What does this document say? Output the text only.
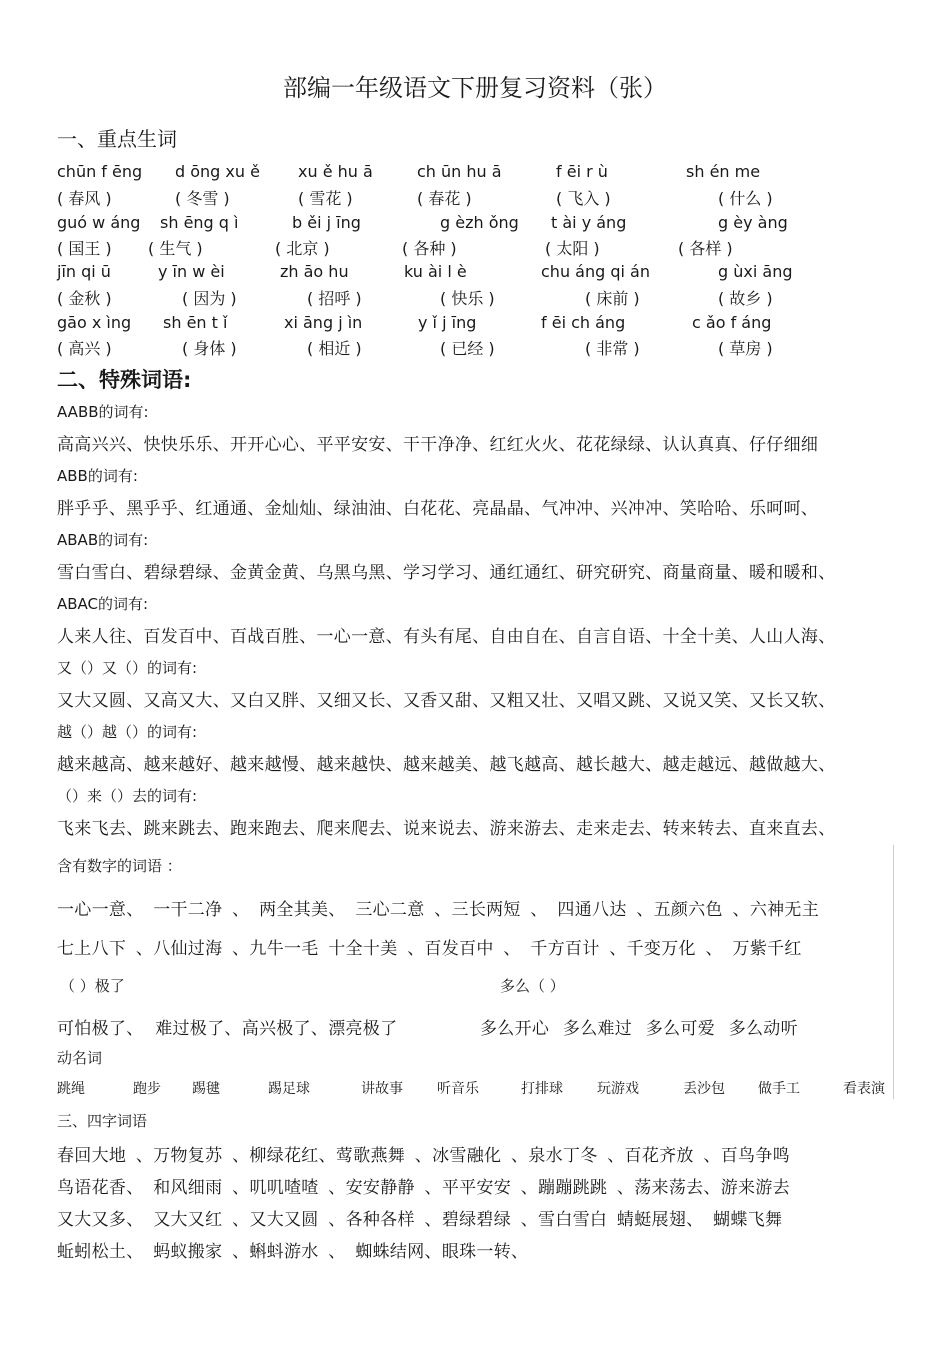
部编一年级语文下册复习资料（张）
一、重点生词
chūn f ēng d ōng xu ě xu ě hu ā	ch ūn hu ā	f ēi r ù	sh én me
( 春风 )	( 冬雪 )	( 雪花 )	( 春花 )	( 飞入 )	( 什么 )
guó w áng sh ēng q ì	b ěi j īng	g èzh ǒng t ài y áng	g èy àng
( 国王 ) ( 生气 )	( 北京 )	( 各种 )	( 太阳 )	( 各样 )
jīn qi ū	y īn w èi	zh āo hu	ku ài l è	chu áng qi án	g ùxi āng
( 金秋 )	( 因为 )	( 招呼 )	( 快乐 )	( 床前 )	( 故乡 )
gāo x ìng sh ēn t ǐ	xi āng j ìn	y ǐ j īng	f ēi ch áng	c ǎo f áng
( 高兴 )	( 身体 )	( 相近 )	( 已经 )	( 非常 )	( 草房 )
二、特殊词语:
AABB的词有:
高高兴兴、快快乐乐、开开心心、平平安安、干干净净、红红火火、花花绿绿、认认真真、仔仔细细
ABB的词有:
胖乎乎、黑乎乎、红通通、金灿灿、绿油油、白花花、亮晶晶、气冲冲、兴冲冲、笑哈哈、乐呵呵、
ABAB的词有:
雪白雪白、碧绿碧绿、金黄金黄、乌黑乌黑、学习学习、通红通红、研究研究、商量商量、暖和暖和、
ABAC的词有:
人来人往、百发百中、百战百胜、一心一意、有头有尾、自由自在、自言自语、十全十美、人山人海、
又（）又（）的词有:
又大又圆、又高又大、又白又胖、又细又长、又香又甜、又粗又壮、又唱又跳、又说又笑、又长又软、
越（）越（）的词有:
越来越高、越来越好、越来越慢、越来越快、越来越美、越飞越高、越长越大、越走越远、越做越大、
（）来（）去的词有:
飞来飞去、跳来跳去、跑来跑去、爬来爬去、说来说去、游来游去、走来走去、转来转去、直来直去、
含有数字的词语 ：
一心一意、 一干二净 、 两全其美、 三心二意 、三长两短 、 四通八达 、五颜六色 、六神无主
七上八下 、八仙过海 、九牛一毛 十全十美 、百发百中 、 千方百计 、千变万化 、 万紫千红
（ ）极了	多么（ ）
可怕极了、 难过极了、高兴极了、漂亮极了	多么开心 多么难过 多么可爱 多么动听
动名词
跳绳	跑步 踢毽	踢足球	讲故事 听音乐	打排球 玩游戏	丢沙包 做手工	看表演
三、四字词语
春回大地 、万物复苏 、柳绿花红、莺歌燕舞 、冰雪融化 、泉水丁冬 、百花齐放 、百鸟争鸣
鸟语花香、 和风细雨 、叽叽喳喳 、安安静静 、平平安安 、蹦蹦跳跳 、荡来荡去、游来游去
又大又多、 又大又红 、又大又圆 、各种各样 、碧绿碧绿 、雪白雪白 蜻蜓展翅、 蝴蝶飞舞
蚯蚓松土、 蚂蚁搬家 、蝌蚪游水 、 蜘蛛结网、眼珠一转、
